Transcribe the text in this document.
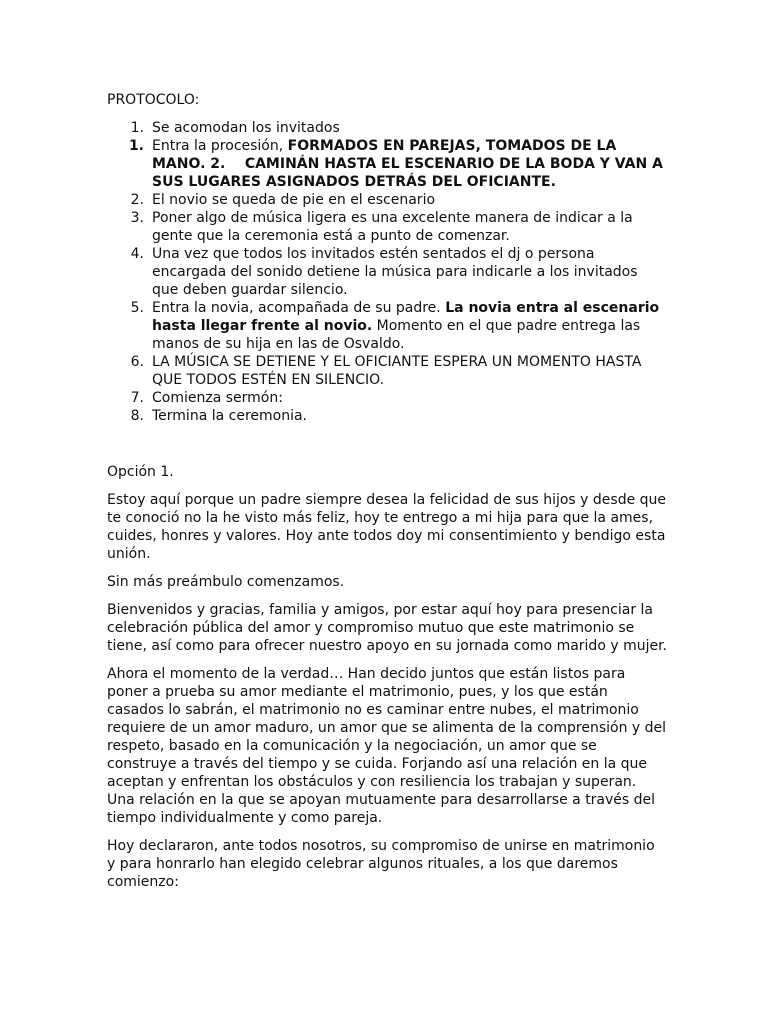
PROTOCOLO:

1. Se acomodan los invitados
1. Entra la procesión, FORMADOS EN PAREJAS, TOMADOS DE LA MANO. 2.    CAMINÁN HASTA EL ESCENARIO DE LA BODA Y VAN A SUS LUGARES ASIGNADOS DETRÁS DEL OFICIANTE.
2. El novio se queda de pie en el escenario
3. Poner algo de música ligera es una excelente manera de indicar a la gente que la ceremonia está a punto de comenzar.
4. Una vez que todos los invitados estén sentados el dj o persona encargada del sonido detiene la música para indicarle a los invitados que deben guardar silencio.
5. Entra la novia, acompañada de su padre. La novia entra al escenario hasta llegar frente al novio. Momento en el que padre entrega las manos de su hija en las de Osvaldo.
6. LA MÚSICA SE DETIENE Y EL OFICIANTE ESPERA UN MOMENTO HASTA QUE TODOS ESTÉN EN SILENCIO.
7. Comienza sermón:
8. Termina la ceremonia.

Opción 1.

Estoy aquí porque un padre siempre desea la felicidad de sus hijos y desde que te conoció no la he visto más feliz, hoy te entrego a mi hija para que la ames, cuides, honres y valores. Hoy ante todos doy mi consentimiento y bendigo esta unión.

Sin más preámbulo comenzamos.

Bienvenidos y gracias, familia y amigos, por estar aquí hoy para presenciar la celebración pública del amor y compromiso mutuo que este matrimonio se tiene, así como para ofrecer nuestro apoyo en su jornada como marido y mujer.

Ahora el momento de la verdad… Han decido juntos que están listos para poner a prueba su amor mediante el matrimonio, pues, y los que están casados lo sabrán, el matrimonio no es caminar entre nubes, el matrimonio requiere de un amor maduro, un amor que se alimenta de la comprensión y del respeto, basado en la comunicación y la negociación, un amor que se construye a través del tiempo y se cuida. Forjando así una relación en la que aceptan y enfrentan los obstáculos y con resiliencia los trabajan y superan. Una relación en la que se apoyan mutuamente para desarrollarse a través del tiempo individualmente y como pareja.

Hoy declararon, ante todos nosotros, su compromiso de unirse en matrimonio y para honrarlo han elegido celebrar algunos rituales, a los que daremos comienzo:
